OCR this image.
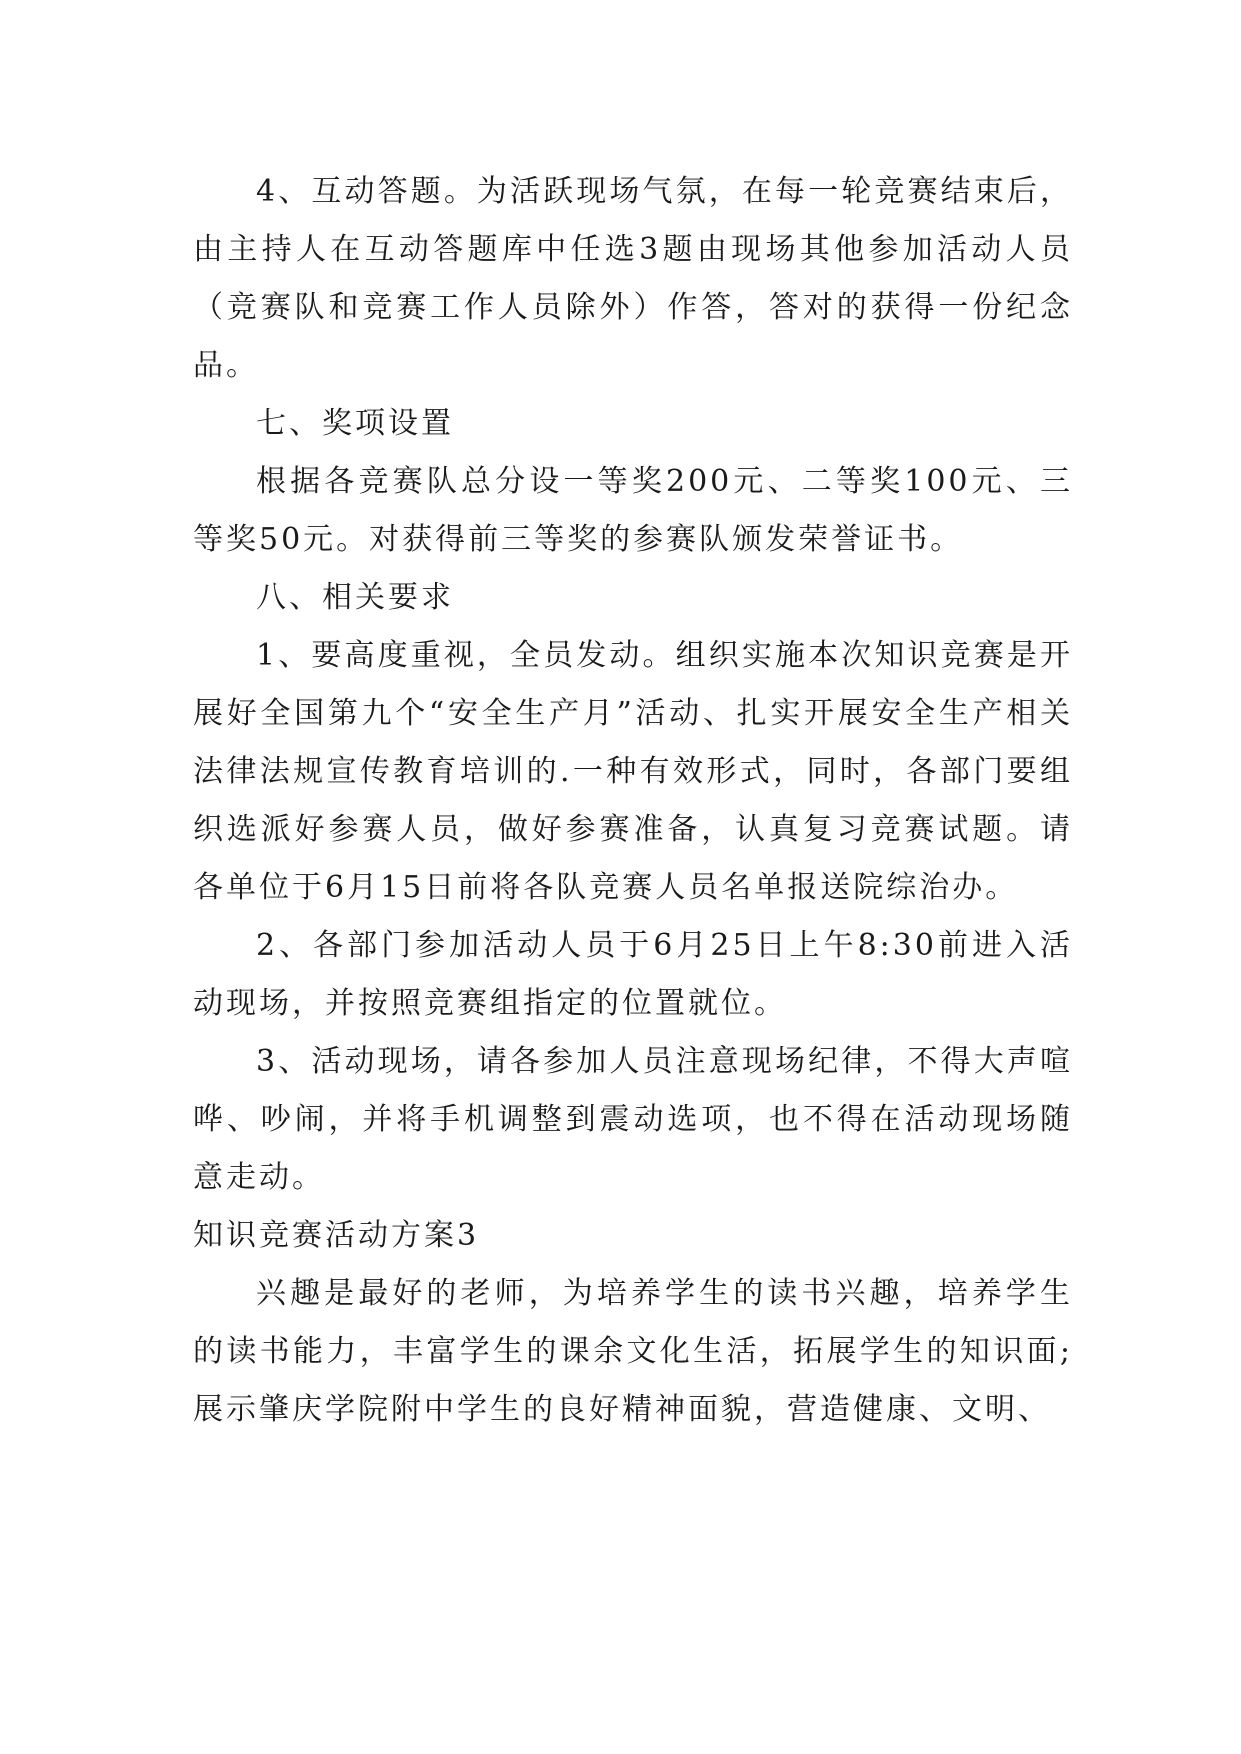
4、互动答题。为活跃现场气氛，在每一轮竞赛结束后，由主持人在互动答题库中任选3题由现场其他参加活动人员（竞赛队和竞赛工作人员除外）作答，答对的获得一份纪念品。

七、奖项设置

根据各竞赛队总分设一等奖200元、二等奖100元、三等奖50元。对获得前三等奖的参赛队颁发荣誉证书。

八、相关要求

1、要高度重视，全员发动。组织实施本次知识竞赛是开展好全国第九个“安全生产月”活动、扎实开展安全生产相关法律法规宣传教育培训的.一种有效形式，同时，各部门要组织选派好参赛人员，做好参赛准备，认真复习竞赛试题。请各单位于6月15日前将各队竞赛人员名单报送院综治办。

2、各部门参加活动人员于6月25日上午8:30前进入活动现场，并按照竞赛组指定的位置就位。

3、活动现场，请各参加人员注意现场纪律，不得大声喧哗、吵闹，并将手机调整到震动选项，也不得在活动现场随意走动。

知识竞赛活动方案3

兴趣是最好的老师，为培养学生的读书兴趣，培养学生的读书能力，丰富学生的课余文化生活，拓展学生的知识面;展示肇庆学院附中学生的良好精神面貌，营造健康、文明、
